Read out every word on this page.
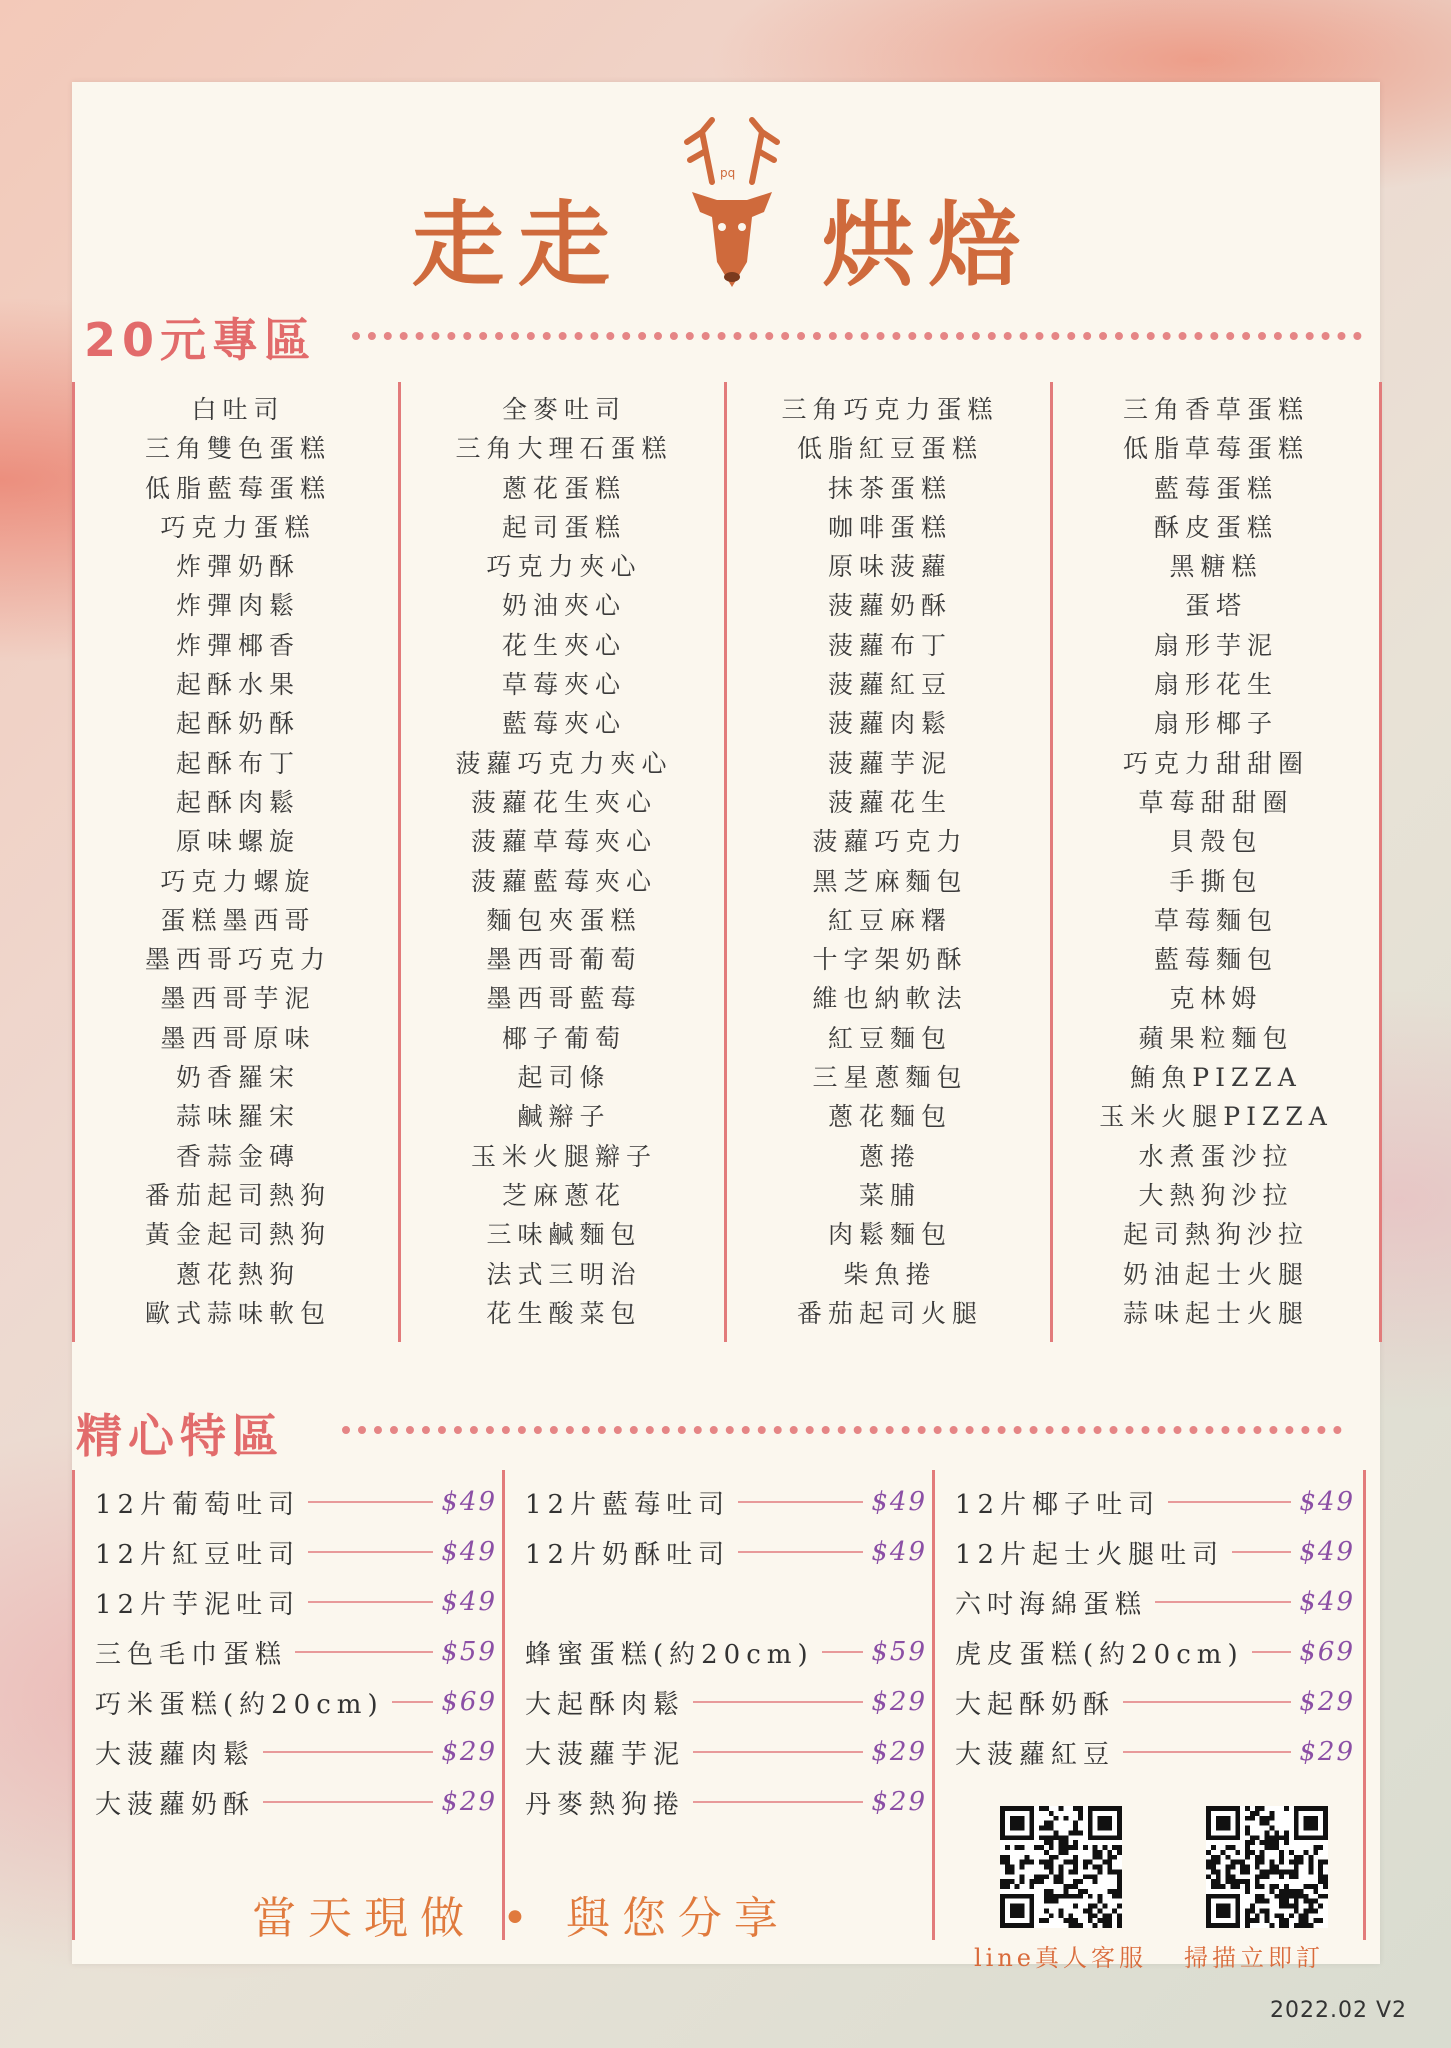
走走
pq
烘焙
20元專區
白吐司
三角雙色蛋糕
低脂藍莓蛋糕
巧克力蛋糕
炸彈奶酥
炸彈肉鬆
炸彈椰香
起酥水果
起酥奶酥
起酥布丁
起酥肉鬆
原味螺旋
巧克力螺旋
蛋糕墨西哥
墨西哥巧克力
墨西哥芋泥
墨西哥原味
奶香羅宋
蒜味羅宋
香蒜金磚
番茄起司熱狗
黃金起司熱狗
蔥花熱狗
歐式蒜味軟包
全麥吐司
三角大理石蛋糕
蔥花蛋糕
起司蛋糕
巧克力夾心
奶油夾心
花生夾心
草莓夾心
藍莓夾心
菠蘿巧克力夾心
菠蘿花生夾心
菠蘿草莓夾心
菠蘿藍莓夾心
麵包夾蛋糕
墨西哥葡萄
墨西哥藍莓
椰子葡萄
起司條
鹹辮子
玉米火腿辮子
芝麻蔥花
三味鹹麵包
法式三明治
花生酸菜包
三角巧克力蛋糕
低脂紅豆蛋糕
抹茶蛋糕
咖啡蛋糕
原味菠蘿
菠蘿奶酥
菠蘿布丁
菠蘿紅豆
菠蘿肉鬆
菠蘿芋泥
菠蘿花生
菠蘿巧克力
黑芝麻麵包
紅豆麻糬
十字架奶酥
維也納軟法
紅豆麵包
三星蔥麵包
蔥花麵包
蔥捲
菜脯
肉鬆麵包
柴魚捲
番茄起司火腿
三角香草蛋糕
低脂草莓蛋糕
藍莓蛋糕
酥皮蛋糕
黑糖糕
蛋塔
扇形芋泥
扇形花生
扇形椰子
巧克力甜甜圈
草莓甜甜圈
貝殼包
手撕包
草莓麵包
藍莓麵包
克林姆
蘋果粒麵包
鮪魚PIZZA
玉米火腿PIZZA
水煮蛋沙拉
大熱狗沙拉
起司熱狗沙拉
奶油起士火腿
蒜味起士火腿
精心特區
12片葡萄吐司	$49
12片紅豆吐司	$49
12片芋泥吐司	$49
三色毛巾蛋糕	$59
巧米蛋糕(約20cm) $69
大菠蘿肉鬆	$29
大菠蘿奶酥	$29
12片藍莓吐司	$49
12片奶酥吐司	$49
蜂蜜蛋糕(約20cm) $59
大起酥肉鬆	$29
大菠蘿芋泥	$29
丹麥熱狗捲	$29
12片椰子吐司	$49
12片起士火腿吐司	$49
六吋海綿蛋糕	$49
虎皮蛋糕(約20cm) $69
大起酥奶酥	$29
大菠蘿紅豆	$29
當天現做 • 與您分享
line真人客服 掃描立即訂
2022.02 V2
